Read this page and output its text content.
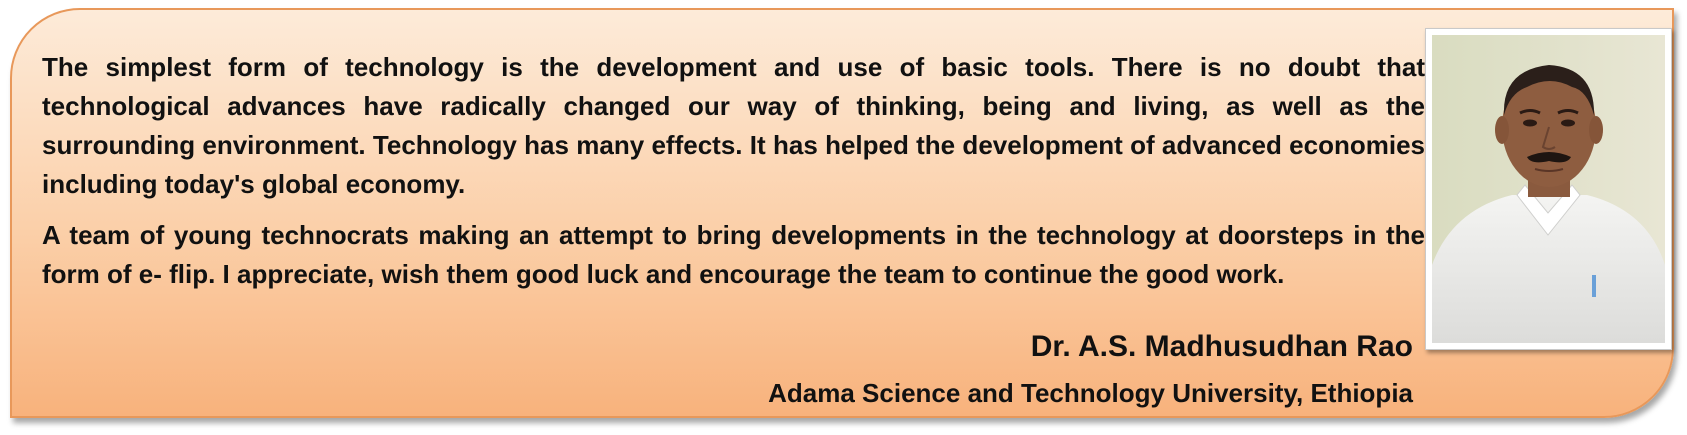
The simplest form of technology is the development and use of basic tools. There is no doubt that technological advances have radically changed our way of thinking, being and living, as well as the surrounding environment. Technology has many effects. It has helped the development of advanced economies including today's global economy.

A team of young technocrats making an attempt to bring developments in the technology at doorsteps in the form of e- flip. I appreciate, wish them good luck and encourage the team to continue the good work.

Dr. A.S. Madhusudhan Rao
Adama Science and Technology University, Ethiopia
